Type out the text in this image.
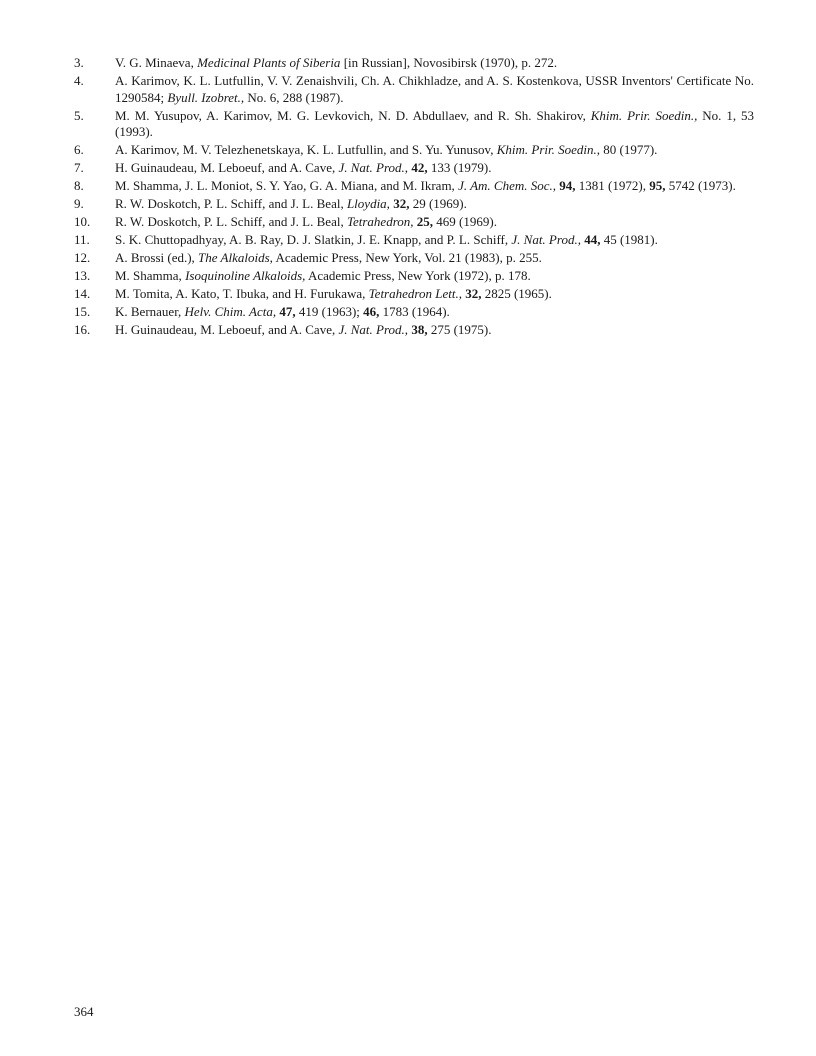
3.	V. G. Minaeva, Medicinal Plants of Siberia [in Russian], Novosibirsk (1970), p. 272.
4.	A. Karimov, K. L. Lutfullin, V. V. Zenaishvili, Ch. A. Chikhladze, and A. S. Kostenkova, USSR Inventors' Certificate No. 1290584; Byull. Izobret., No. 6, 288 (1987).
5.	M. M. Yusupov, A. Karimov, M. G. Levkovich, N. D. Abdullaev, and R. Sh. Shakirov, Khim. Prir. Soedin., No. 1, 53 (1993).
6.	A. Karimov, M. V. Telezhenetskaya, K. L. Lutfullin, and S. Yu. Yunusov, Khim. Prir. Soedin., 80 (1977).
7.	H. Guinaudeau, M. Leboeuf, and A. Cave, J. Nat. Prod., 42, 133 (1979).
8.	M. Shamma, J. L. Moniot, S. Y. Yao, G. A. Miana, and M. Ikram, J. Am. Chem. Soc., 94, 1381 (1972), 95, 5742 (1973).
9.	R. W. Doskotch, P. L. Schiff, and J. L. Beal, Lloydia, 32, 29 (1969).
10.	R. W. Doskotch, P. L. Schiff, and J. L. Beal, Tetrahedron, 25, 469 (1969).
11.	S. K. Chuttopadhyay, A. B. Ray, D. J. Slatkin, J. E. Knapp, and P. L. Schiff, J. Nat. Prod., 44, 45 (1981).
12.	A. Brossi (ed.), The Alkaloids, Academic Press, New York, Vol. 21 (1983), p. 255.
13.	M. Shamma, Isoquinoline Alkaloids, Academic Press, New York (1972), p. 178.
14.	M. Tomita, A. Kato, T. Ibuka, and H. Furukawa, Tetrahedron Lett., 32, 2825 (1965).
15.	K. Bernauer, Helv. Chim. Acta, 47, 419 (1963); 46, 1783 (1964).
16.	H. Guinaudeau, M. Leboeuf, and A. Cave, J. Nat. Prod., 38, 275 (1975).
364
